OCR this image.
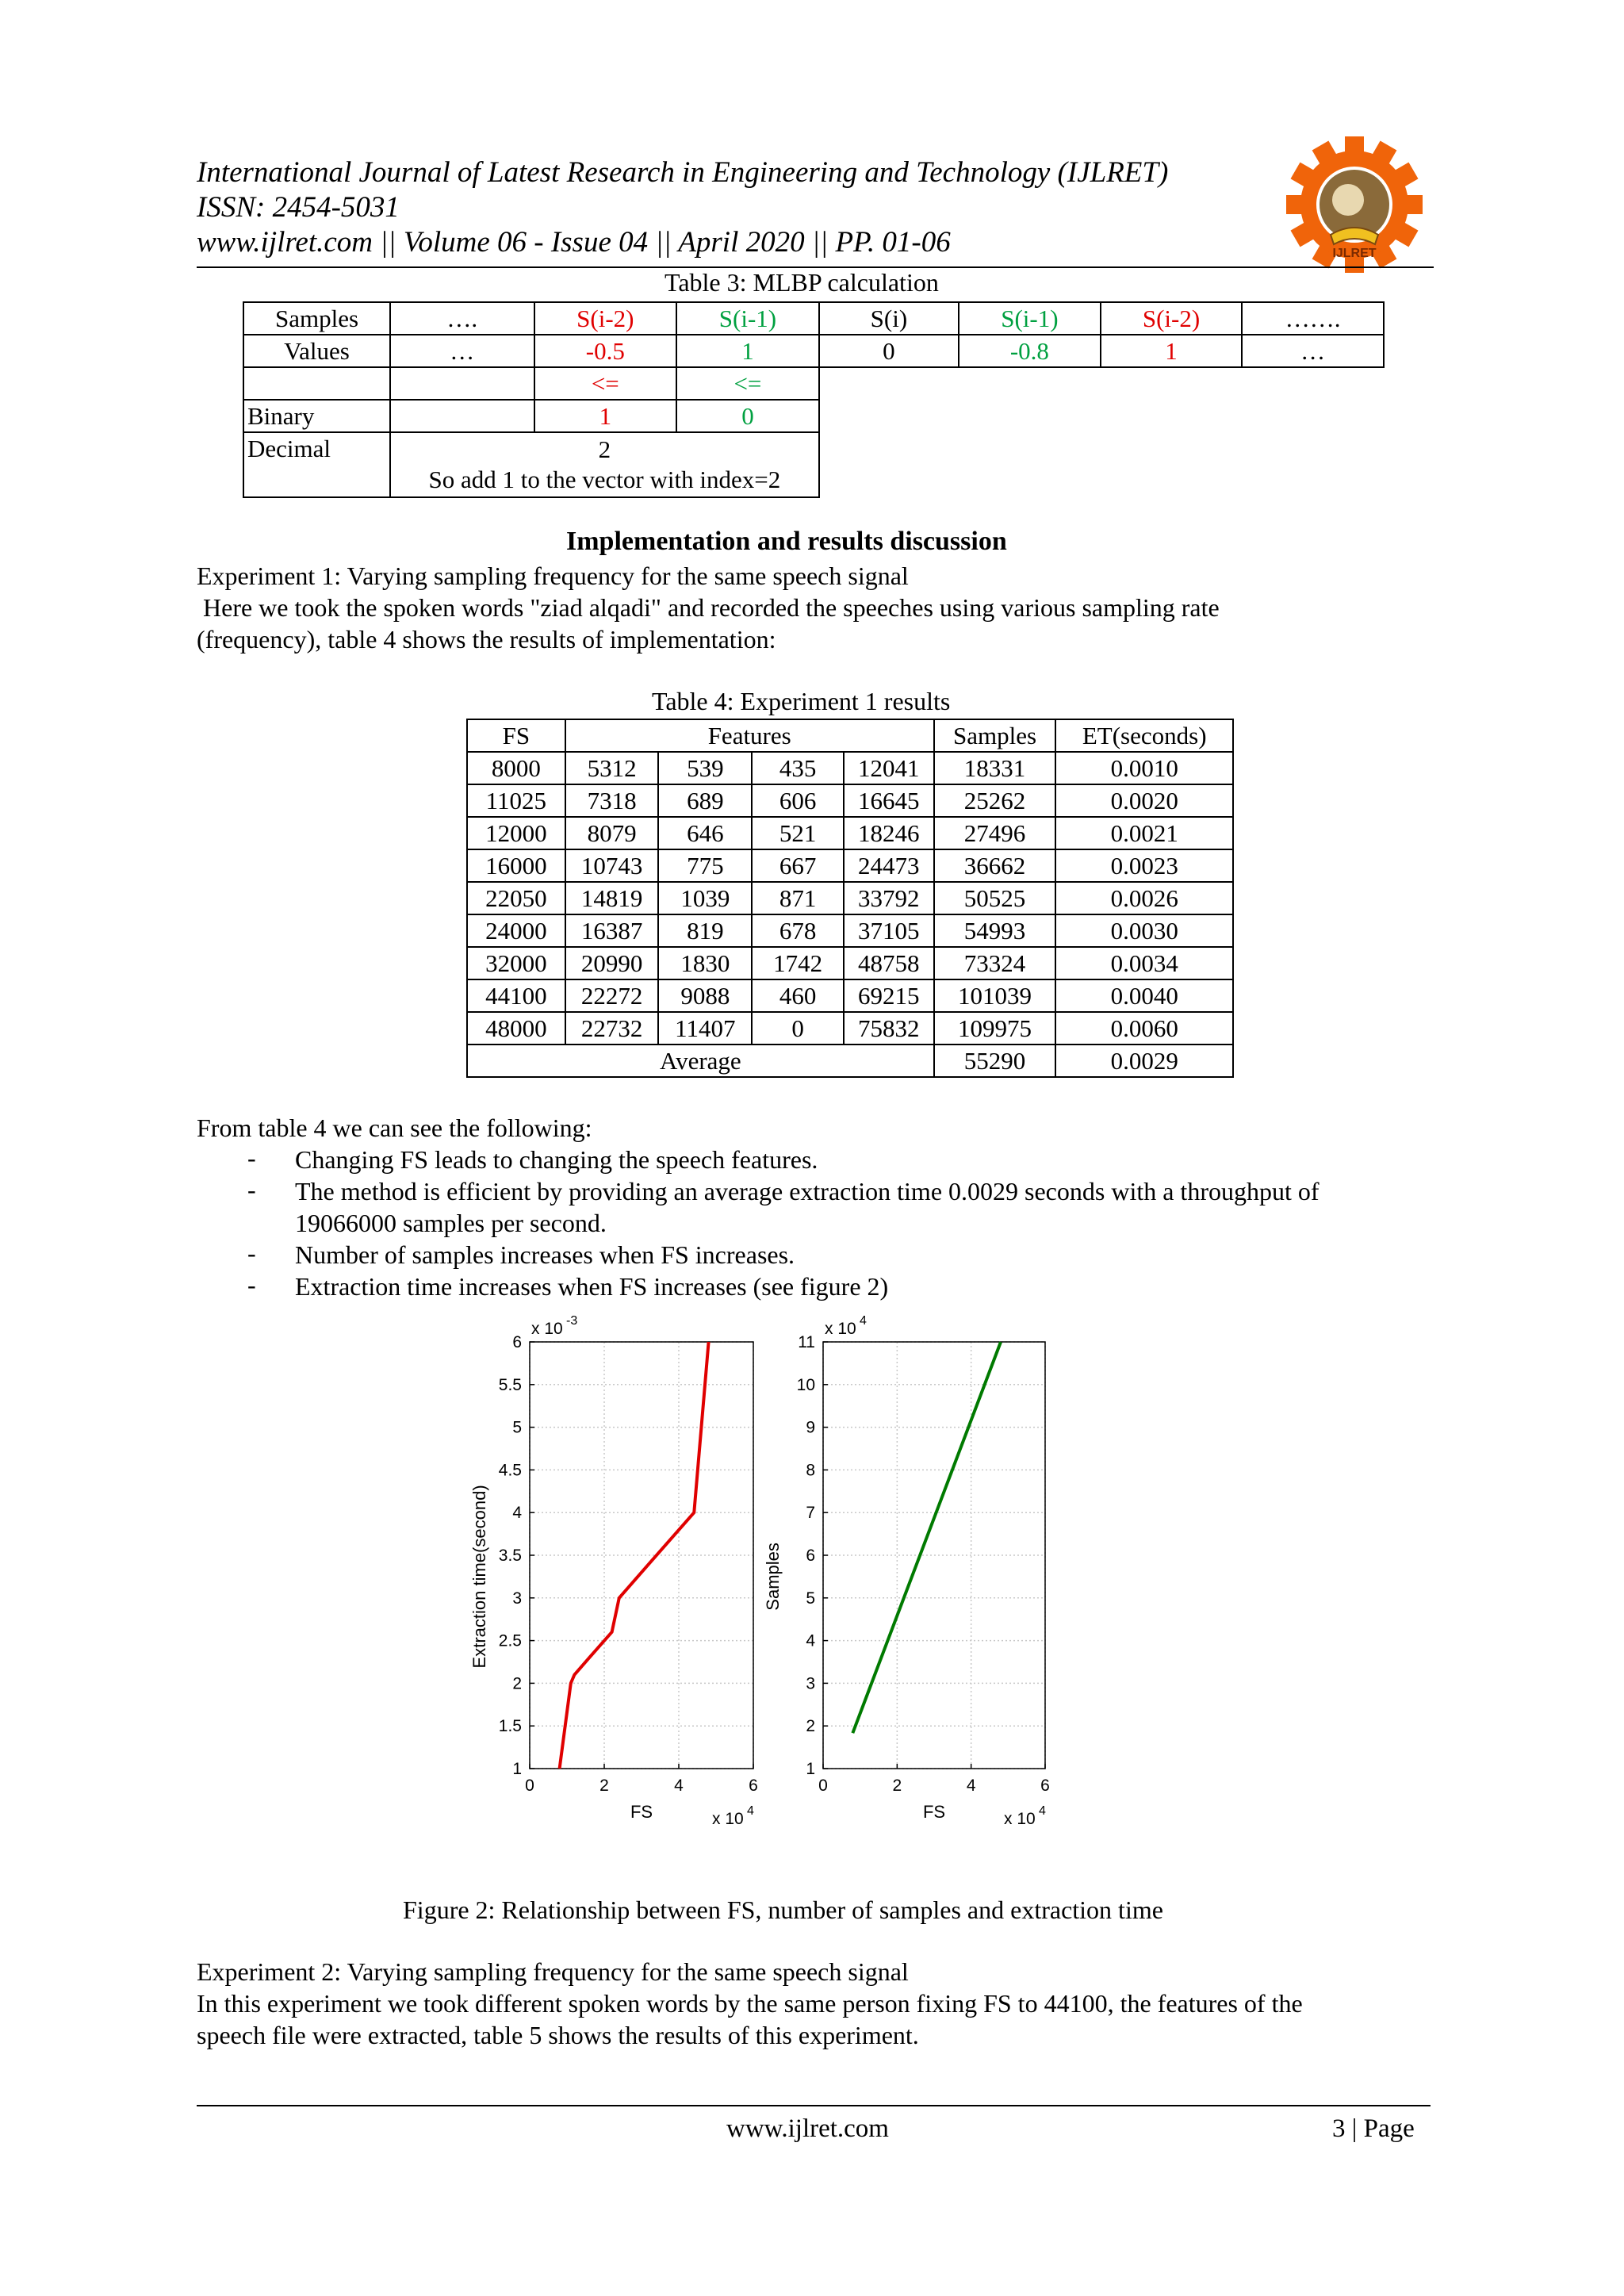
International Journal of Latest Research in Engineering and Technology (IJLRET)
ISSN: 2454-5031
www.ijlret.com || Volume 06 - Issue 04 || April 2020 || PP. 01-06	IJLRET
Table 3: MLBP calculation
Samples	….	S(i-2)	S(i-1)	S(i)	S(i-1)	S(i-2)	…….
Values	…	-0.5	1	0	-0.8	1	…
		<=	<=				
Binary		1	0				
Decimal	2
So add 1 to the vector with index=2						

Implementation and results discussion
Experiment 1: Varying sampling frequency for the same speech signal
Here we took the spoken words "ziad alqadi" and recorded the speeches using various sampling rate
(frequency), table 4 shows the results of implementation:
Table 4: Experiment 1 results
FS	Features				Samples	ET(seconds)
8000	5312	539	435	12041	18331	0.0010
11025	7318	689	606	16645	25262	0.0020
12000	8079	646	521	18246	27496	0.0021
16000	10743	775	667	24473	36662	0.0023
22050	14819	1039	871	33792	50525	0.0026
24000	16387	819	678	37105	54993	0.0030
32000	20990	1830	1742	48758	73324	0.0034
44100	22272	9088	460	69215	101039	0.0040
48000	22732	11407	0	75832	109975	0.0060
Average					55290	0.0029
From table 4 we can see the following:
- Changing FS leads to changing the speech features.
- The method is efficient by providing an average extraction time 0.0029 seconds with a throughput of
19066000 samples per second.
- Number of samples increases when FS increases.
- Extraction time increases when FS increases (see figure 2)
0	2	4	6
1
1.5
2
2.5
3
3.5
4
4.5
5
5.5
6
x 10 -3
x 10 4
FS
Extraction time(second)
0	2	4	6
1
2
3
4
5
6
7
8
9
10
11
x 10 4
x 10 4
FS
Samples
Figure 2: Relationship between FS, number of samples and extraction time
Experiment 2: Varying sampling frequency for the same speech signal
In this experiment we took different spoken words by the same person fixing FS to 44100, the features of the
speech file were extracted, table 5 shows the results of this experiment.
www.ijlret.com	3 | Page
